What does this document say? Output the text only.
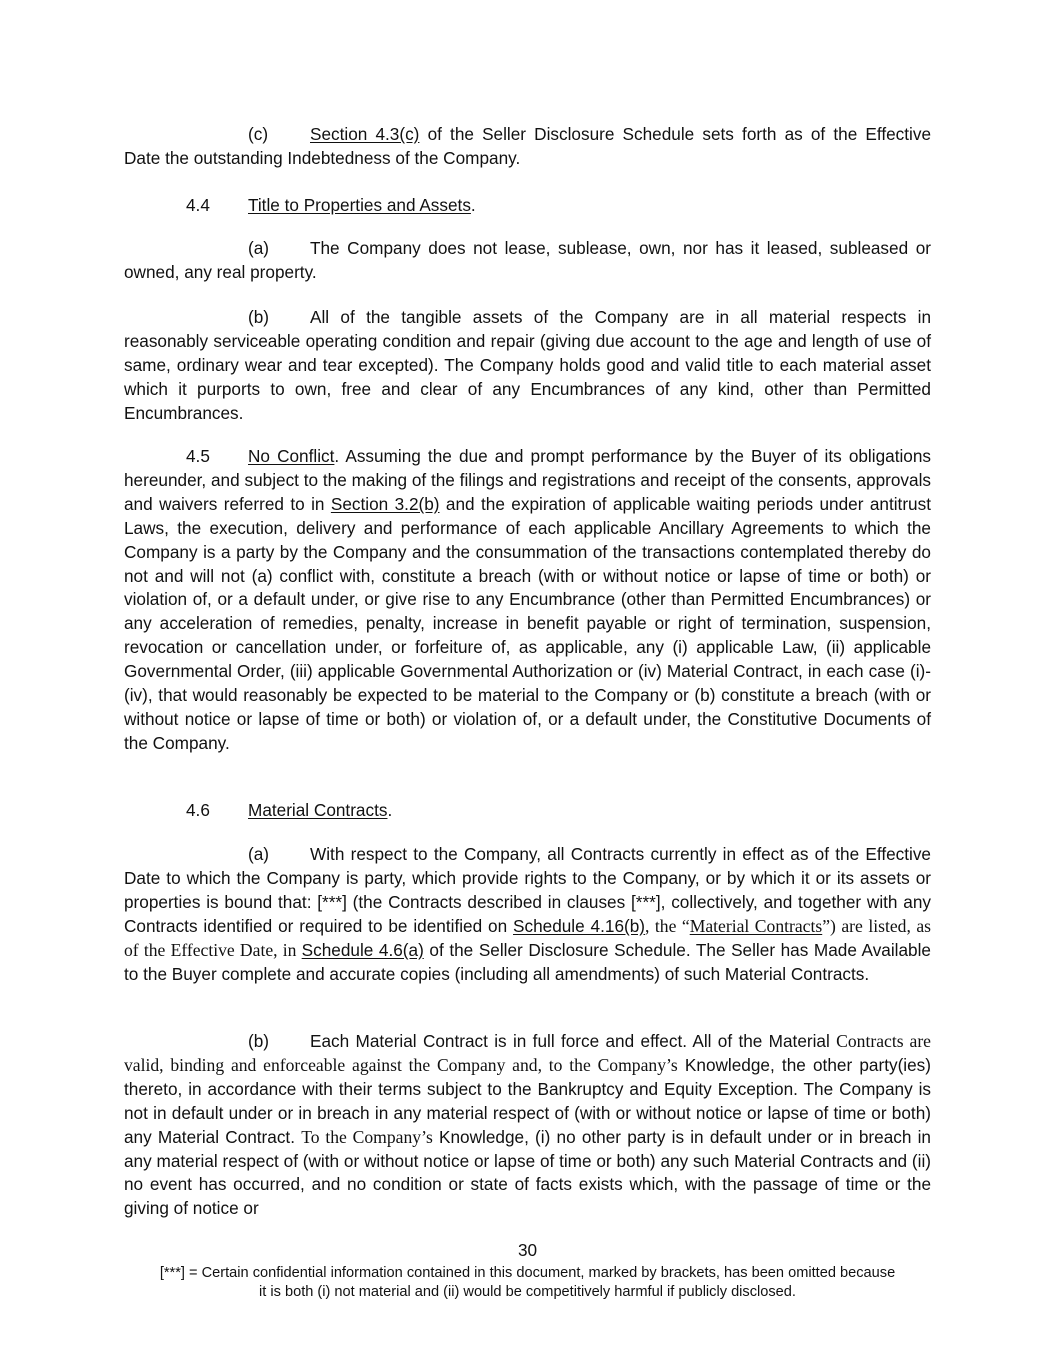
(c) Section 4.3(c) of the Seller Disclosure Schedule sets forth as of the Effective Date the outstanding Indebtedness of the Company.
4.4 Title to Properties and Assets.
(a) The Company does not lease, sublease, own, nor has it leased, subleased or owned, any real property.
(b) All of the tangible assets of the Company are in all material respects in reasonably serviceable operating condition and repair (giving due account to the age and length of use of same, ordinary wear and tear excepted). The Company holds good and valid title to each material asset which it purports to own, free and clear of any Encumbrances of any kind, other than Permitted Encumbrances.
4.5 No Conflict. Assuming the due and prompt performance by the Buyer of its obligations hereunder, and subject to the making of the filings and registrations and receipt of the consents, approvals and waivers referred to in Section 3.2(b) and the expiration of applicable waiting periods under antitrust Laws, the execution, delivery and performance of each applicable Ancillary Agreements to which the Company is a party by the Company and the consummation of the transactions contemplated thereby do not and will not (a) conflict with, constitute a breach (with or without notice or lapse of time or both) or violation of, or a default under, or give rise to any Encumbrance (other than Permitted Encumbrances) or any acceleration of remedies, penalty, increase in benefit payable or right of termination, suspension, revocation or cancellation under, or forfeiture of, as applicable, any (i) applicable Law, (ii) applicable Governmental Order, (iii) applicable Governmental Authorization or (iv) Material Contract, in each case (i)-(iv), that would reasonably be expected to be material to the Company or (b) constitute a breach (with or without notice or lapse of time or both) or violation of, or a default under, the Constitutive Documents of the Company.
4.6 Material Contracts.
(a) With respect to the Company, all Contracts currently in effect as of the Effective Date to which the Company is party, which provide rights to the Company, or by which it or its assets or properties is bound that: [***] (the Contracts described in clauses [***], collectively, and together with any Contracts identified or required to be identified on Schedule 4.16(b), the “Material Contracts”) are listed, as of the Effective Date, in Schedule 4.6(a) of the Seller Disclosure Schedule. The Seller has Made Available to the Buyer complete and accurate copies (including all amendments) of such Material Contracts.
(b) Each Material Contract is in full force and effect. All of the Material Contracts are valid, binding and enforceable against the Company and, to the Company’s Knowledge, the other party(ies) thereto, in accordance with their terms subject to the Bankruptcy and Equity Exception. The Company is not in default under or in breach in any material respect of (with or without notice or lapse of time or both) any Material Contract. To the Company’s Knowledge, (i) no other party is in default under or in breach in any material respect of (with or without notice or lapse of time or both) any such Material Contracts and (ii) no event has occurred, and no condition or state of facts exists which, with the passage of time or the giving of notice or
30
[***] = Certain confidential information contained in this document, marked by brackets, has been omitted because
it is both (i) not material and (ii) would be competitively harmful if publicly disclosed.
